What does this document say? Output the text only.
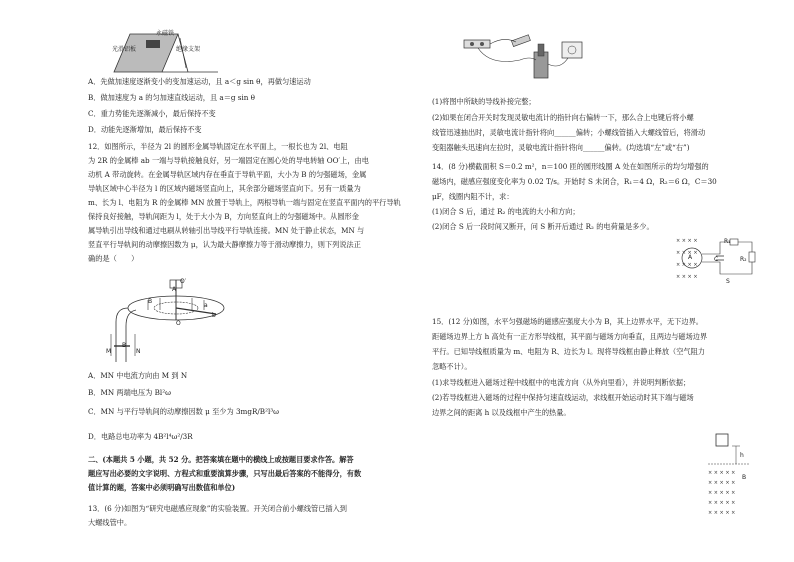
永磁铁
光滑铝板	绝缘支架
A．先做加速度逐渐变小的变加速运动，且 a＜g sin θ，再做匀速运动
B．做加速度为 a 的匀加速直线运动，且 a＝g sin θ
C．重力势能先逐渐减小，最后保持不变
D．动能先逐渐增加，最后保持不变
12．如图所示，半径为 2l 的圆形金属导轨固定在水平面上，一根长也为 2l、电阻
为 2R 的金属棒 ab 一端与导轨接触良好，另一端固定在圆心处的导电转轴 OO′上，由电
动机 A 带动旋转。在金属导轨区域内存在垂直于导轨平面，大小为 B 的匀强磁场，金属
导轨区域中心半径为 l 的区域内磁场竖直向上，其余部分磁场竖直向下。另有一质量为
m、长为 l、电阻为 R 的金属棒 MN 放置于导轨上，两根导轨一端与固定在竖直平面内的平行导轨
保持良好接触，导轨间距为 l，处于大小为 B，方向竖直向上的匀强磁场中。从圆形金
属导轨引出导线和通过电刷从转轴引出导线平行导轨连接。MN 处于静止状态，MN 与
竖直平行导轨间的动摩擦因数为 μ，认为最大静摩擦力等于滑动摩擦力，则下列说法正
确的是（　　）
O′
A
B
a
b
O
M
B
N
A．MN 中电流方向由 M 到 N
B．MN 两端电压为 Bl²ω
C．MN 与平行导轨间的动摩擦因数 μ 至少为 3mgR/B²l³ω
D．电路总电功率为 4B²l⁴ω²/3R
二、(本题共 5 小题，共 52 分。把答案填在题中的横线上或按题目要求作答。解答
题应写出必要的文字说明、方程式和重要演算步骤，只写出最后答案的不能得分，有数
值计算的题，答案中必须明确写出数值和单位)
13．(6 分)如图为“研究电磁感应现象”的实验装置。开关闭合前小螺线管已插入到
大螺线管中。
(1)将图中所缺的导线补接完整；
(2)如果在闭合开关时发现灵敏电流计的指针向右偏转一下，那么合上电键后将小螺
线管迅速抽出时，灵敏电流计指针将向______偏转；小螺线管插入大螺线管后，将滑动
变阻器触头迅速向左拉时，灵敏电流计指针将向______偏转。(均选填“左”或“右”)
14．(8 分)横截面积 S＝0.2 m²，n＝100 匝的圆形线圈 A 处在如图所示的均匀增强的
磁场内，磁感应强度变化率为 0.02 T/s。开始时 S 未闭合，R₁＝4 Ω，R₂＝6 Ω，C＝30
μF，线圈内阻不计，求：
(1)闭合 S 后，通过 R₂ 的电流的大小和方向；
(2)闭合 S 后一段时间又断开，问 S 断开后通过 R₂ 的电荷量是多少。
× × × ×
× × × ×
× × × ×
× × × ×
A
R₁
R₂
C
S
15．(12 分)如图，水平匀强磁场的磁感应强度大小为 B，其上边界水平，无下边界。
距磁场边界上方 h 高处有一正方形导线框，其平面与磁场方向垂直，且两边与磁场边界
平行。已知导线框质量为 m、电阻为 R、边长为 l。现将导线框由静止释放（空气阻力
忽略不计）。
(1)求导线框进入磁场过程中线框中的电流方向（从外向里看），并说明判断依据；
(2)若导线框进入磁场的过程中保持匀速直线运动，求线框开始运动时其下端与磁场
边界之间的距离 h 以及线框中产生的热量。
× × × × ×
× × × × ×
× × × × ×
× × × × ×
× × × × ×
h
B
